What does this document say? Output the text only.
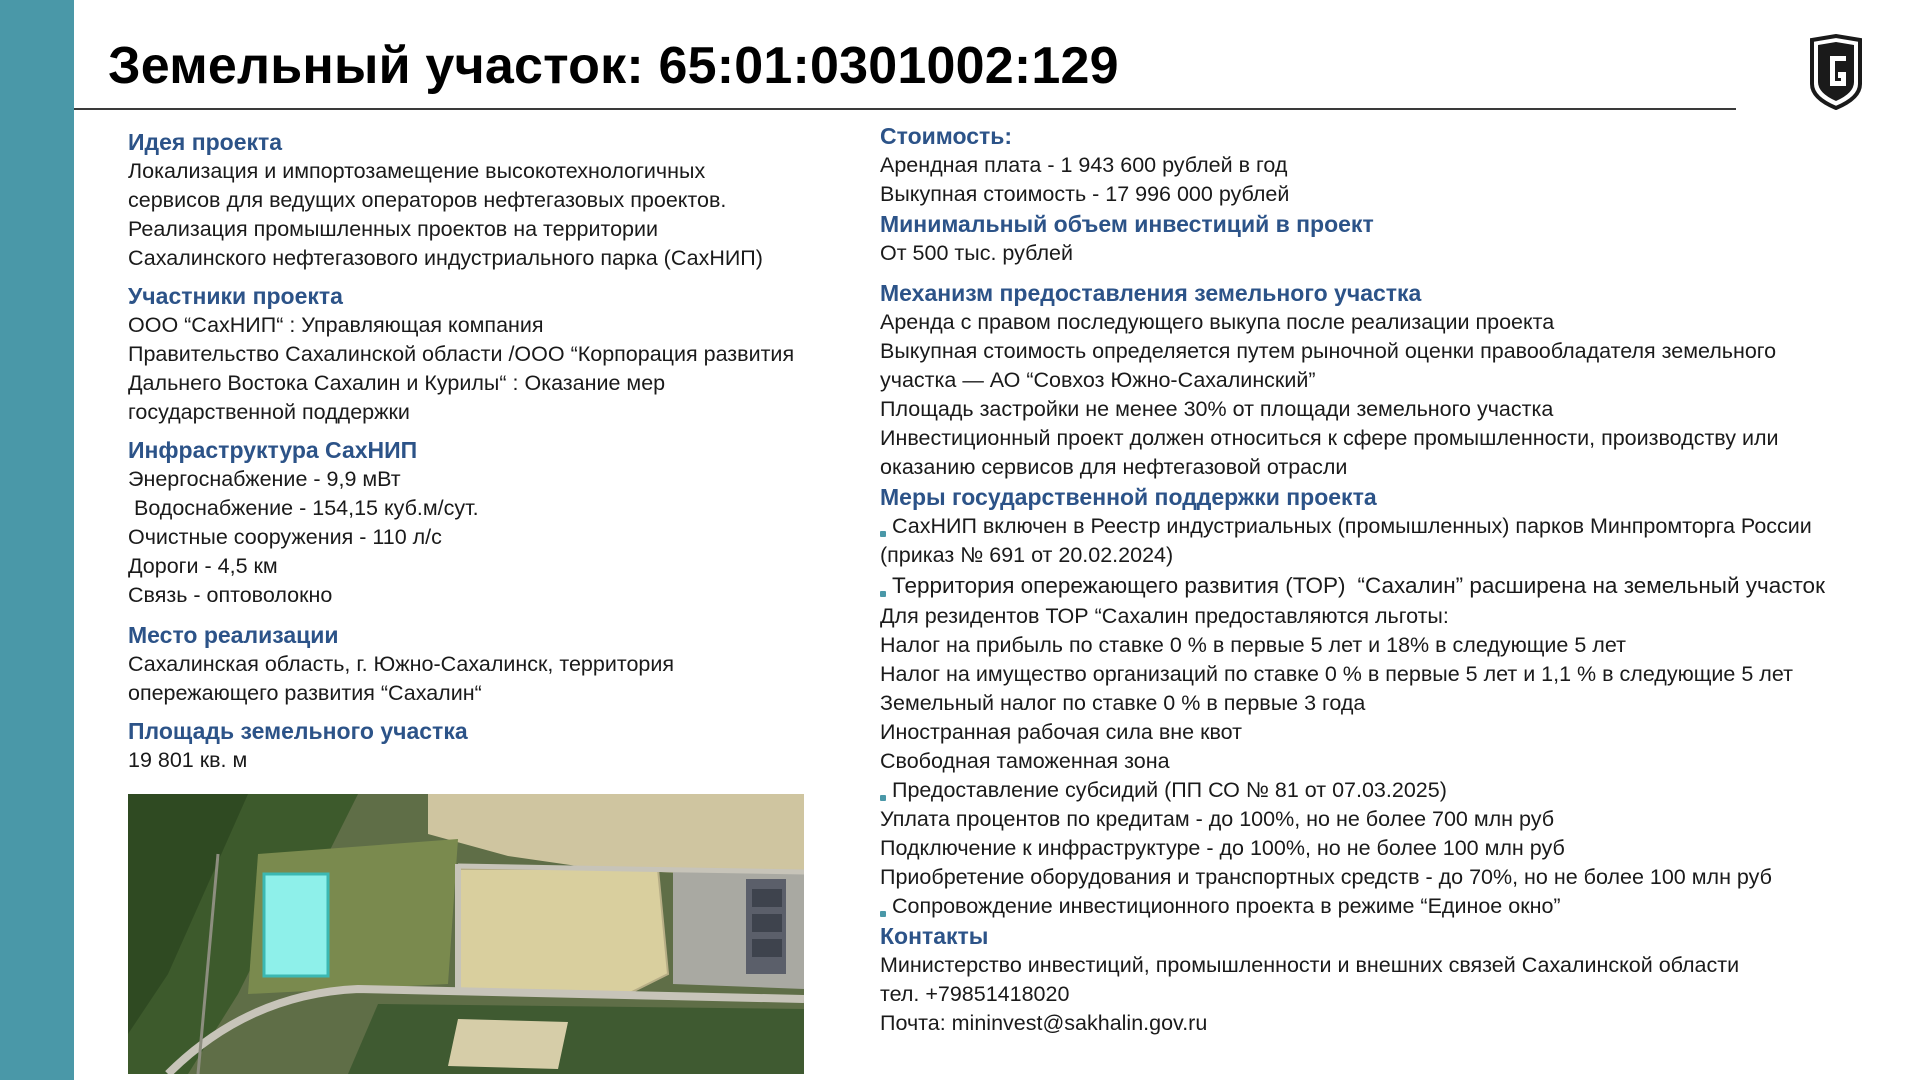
Земельный участок: 65:01:0301002:129

Идея проекта

Локализация и импортозамещение высокотехнологичных

сервисов для ведущих операторов нефтегазовых проектов.

Реализация промышленных проектов на территории

Сахалинского нефтегазового индустриального парка (СахНИП)

Участники проекта

ООО “СахНИП“ : Управляющая компания

Правительство Сахалинской области /ООО “Корпорация развития

Дальнего Востока Сахалин и Курилы“ : Оказание мер

государственной поддержки

Инфраструктура СахНИП

Энергоснабжение - 9,9 мВт

Водоснабжение - 154,15 куб.м/сут.

Очистные сооружения - 110 л/с

Дороги - 4,5 км

Связь - оптоволокно

Место реализации

Сахалинская область, г. Южно-Сахалинск, территория

опережающего развития “Сахалин“

Площадь земельного участка

19 801 кв. м

Стоимость:

Арендная плата - 1 943 600 рублей в год

Выкупная стоимость - 17 996 000 рублей

Минимальный объем инвестиций в проект

От 500 тыс. рублей

Механизм предоставления земельного участка

Аренда с правом последующего выкупа после реализации проекта

Выкупная стоимость определяется путем рыночной оценки правообладателя земельного

участка — АО “Совхоз Южно-Сахалинский”

Площадь застройки не менее 30% от площади земельного участка

Инвестиционный проект должен относиться к сфере промышленности, производству или

оказанию сервисов для нефтегазовой отрасли

Меры государственной поддержки проекта

СахНИП включен в Реестр индустриальных (промышленных) парков Минпромторга России

(приказ № 691 от 20.02.2024)

Территория опережающего развития (ТОР) “Сахалин” расширена на земельный участок

Для резидентов ТОР “Сахалин предоставляются льготы:

Налог на прибыль по ставке 0 % в первые 5 лет и 18% в следующие 5 лет

Налог на имущество организаций по ставке 0 % в первые 5 лет и 1,1 % в следующие 5 лет

Земельный налог по ставке 0 % в первые 3 года

Иностранная рабочая сила вне квот

Свободная таможенная зона

Предоставление субсидий (ПП СО № 81 от 07.03.2025)

Уплата процентов по кредитам - до 100%, но не более 700 млн руб

Подключение к инфраструктуре - до 100%, но не более 100 млн руб

Приобретение оборудования и транспортных средств - до 70%, но не более 100 млн руб

Сопровождение инвестиционного проекта в режиме “Единое окно”

Контакты

Министерство инвестиций, промышленности и внешних связей Сахалинской области

тел. +79851418020

Почта: mininvest@sakhalin.gov.ru
